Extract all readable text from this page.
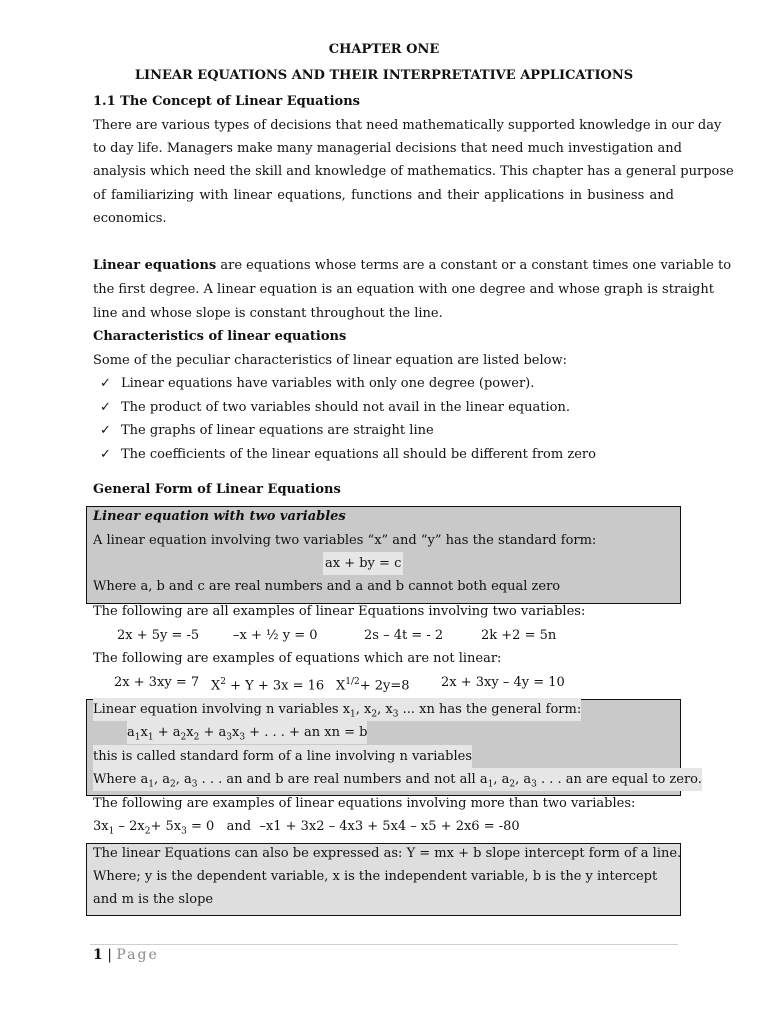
CHAPTER ONE
LINEAR EQUATIONS AND THEIR INTERPRETATIVE APPLICATIONS
1.1 The Concept of Linear Equations
There are various types of decisions that need mathematically supported knowledge in our day
to day life. Managers make many managerial decisions that need much investigation and
analysis which need the skill and knowledge of mathematics. This chapter has a general purpose
of familiarizing with linear equations, functions and their applications in business and
economics.
Linear equations are equations whose terms are a constant or a constant times one variable to
the first degree. A linear equation is an equation with one degree and whose graph is straight
line and whose slope is constant throughout the line.
Characteristics of linear equations
Some of the peculiar characteristics of linear equation are listed below:
✓ Linear equations have variables with only one degree (power).
✓ The product of two variables should not avail in the linear equation.
✓ The graphs of linear equations are straight line
✓ The coefficients of the linear equations all should be different from zero
General Form of Linear Equations
Linear equation with two variables
A linear equation involving two variables “x” and “y” has the standard form:
ax + by = c
Where a, b and c are real numbers and a and b cannot both equal zero
The following are all examples of linear Equations involving two variables:
2x + 5y = -5	–x + ½ y = 0	2s – 4t = - 2	2k +2 = 5n
The following are examples of equations which are not linear:
2x + 3xy = 7 $X^2 + Y + 3x = 16$ $X^{1/2}+ 2y=8$ 2x + 3xy – 4y = 10
Linear equation involving n variables $x_1$, $x_2$, $x_3$ ... xn has the general form:
$a_1x_1 + a_2x_2 + a_3x_3$ + . . . + an xn = b
this is called standard form of a line involving n variables
Where $a_1$, $a_2$, $a_3$ . . . an and b are real numbers and not all $a_1$, $a_2$, $a_3$ . . . an are equal to zero.
The following are examples of linear equations involving more than two variables:
$3x_1 - 2x_2+ 5x_3 = 0$   and  –x1 + 3x2 – 4x3 + 5x4 – x5 + 2x6 = -80
The linear Equations can also be expressed as: Y = mx + b slope intercept form of a line.
Where; y is the dependent variable, x is the independent variable, b is the y intercept and m is the slope
1 | Page
